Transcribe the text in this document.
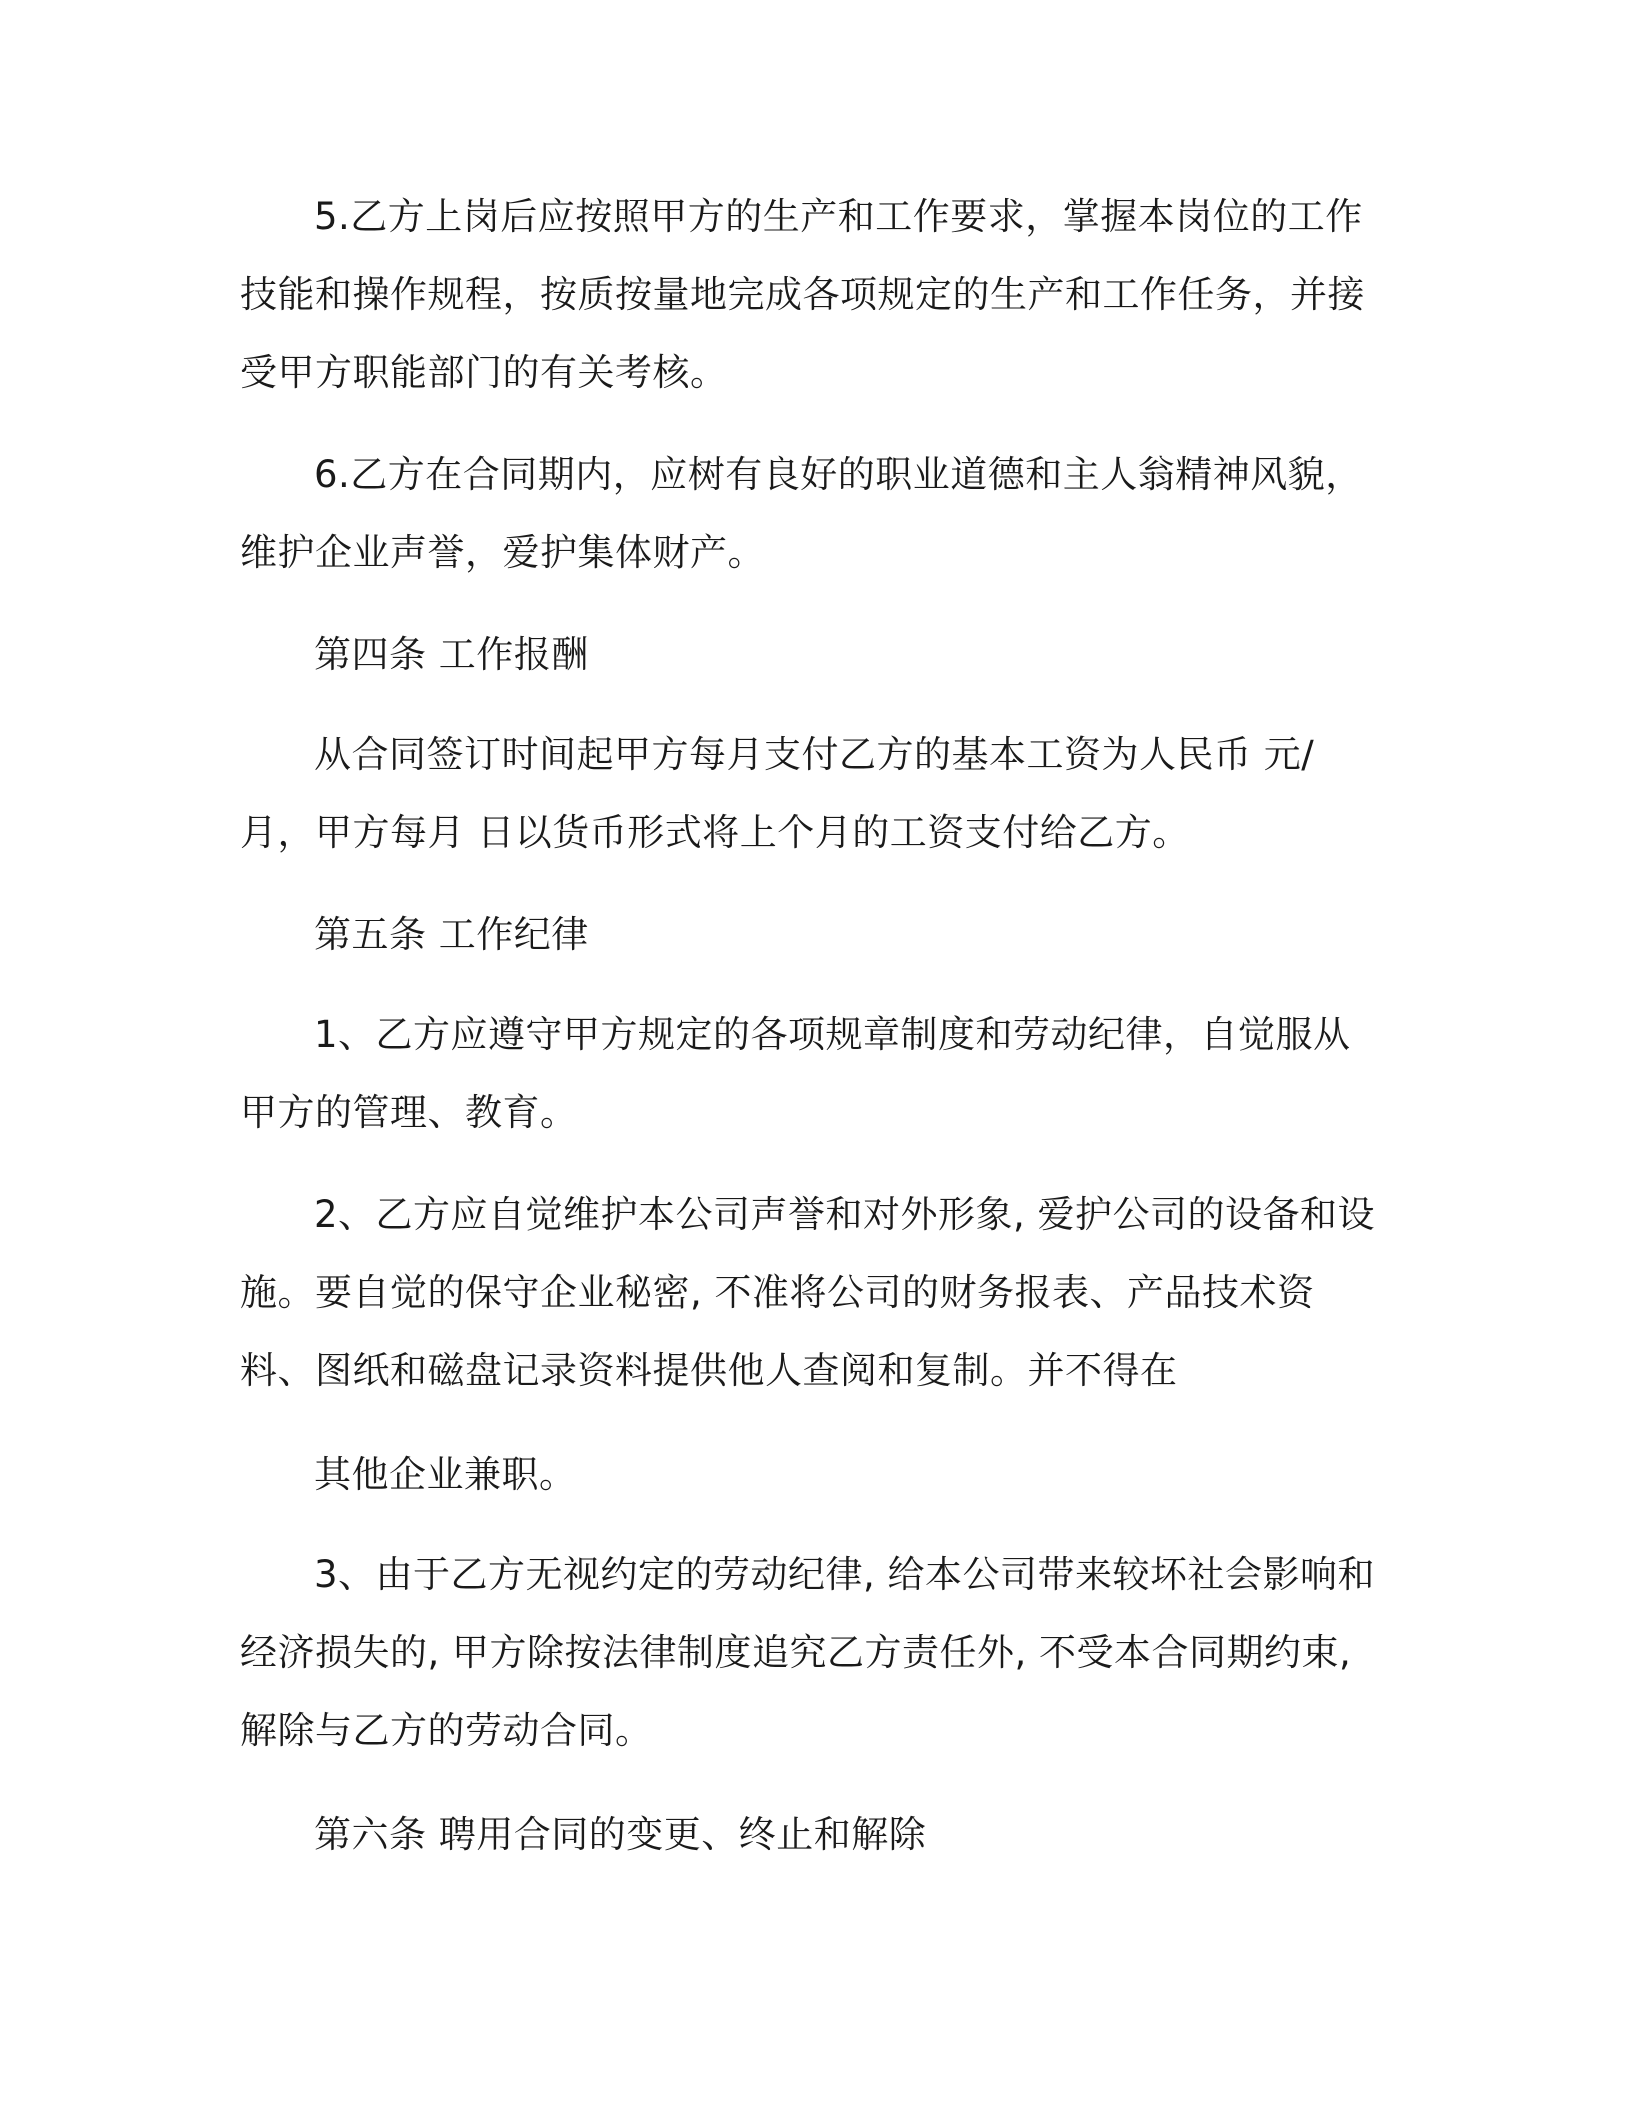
5.乙方上岗后应按照甲方的生产和工作要求，掌握本岗位的工作技能和操作规程，按质按量地完成各项规定的生产和工作任务，并接受甲方职能部门的有关考核。

6.乙方在合同期内，应树有良好的职业道德和主人翁精神风貌，维护企业声誉，爱护集体财产。

第四条 工作报酬

从合同签订时间起甲方每月支付乙方的基本工资为人民币 元/月，甲方每月 日以货币形式将上个月的工资支付给乙方。

第五条 工作纪律

1、乙方应遵守甲方规定的各项规章制度和劳动纪律，自觉服从甲方的管理、教育。

2、乙方应自觉维护本公司声誉和对外形象, 爱护公司的设备和设施。要自觉的保守企业秘密, 不准将公司的财务报表、产品技术资料、图纸和磁盘记录资料提供他人查阅和复制。并不得在

其他企业兼职。

3、由于乙方无视约定的劳动纪律, 给本公司带来较坏社会影响和经济损失的, 甲方除按法律制度追究乙方责任外, 不受本合同期约束, 解除与乙方的劳动合同。

第六条 聘用合同的变更、终止和解除
